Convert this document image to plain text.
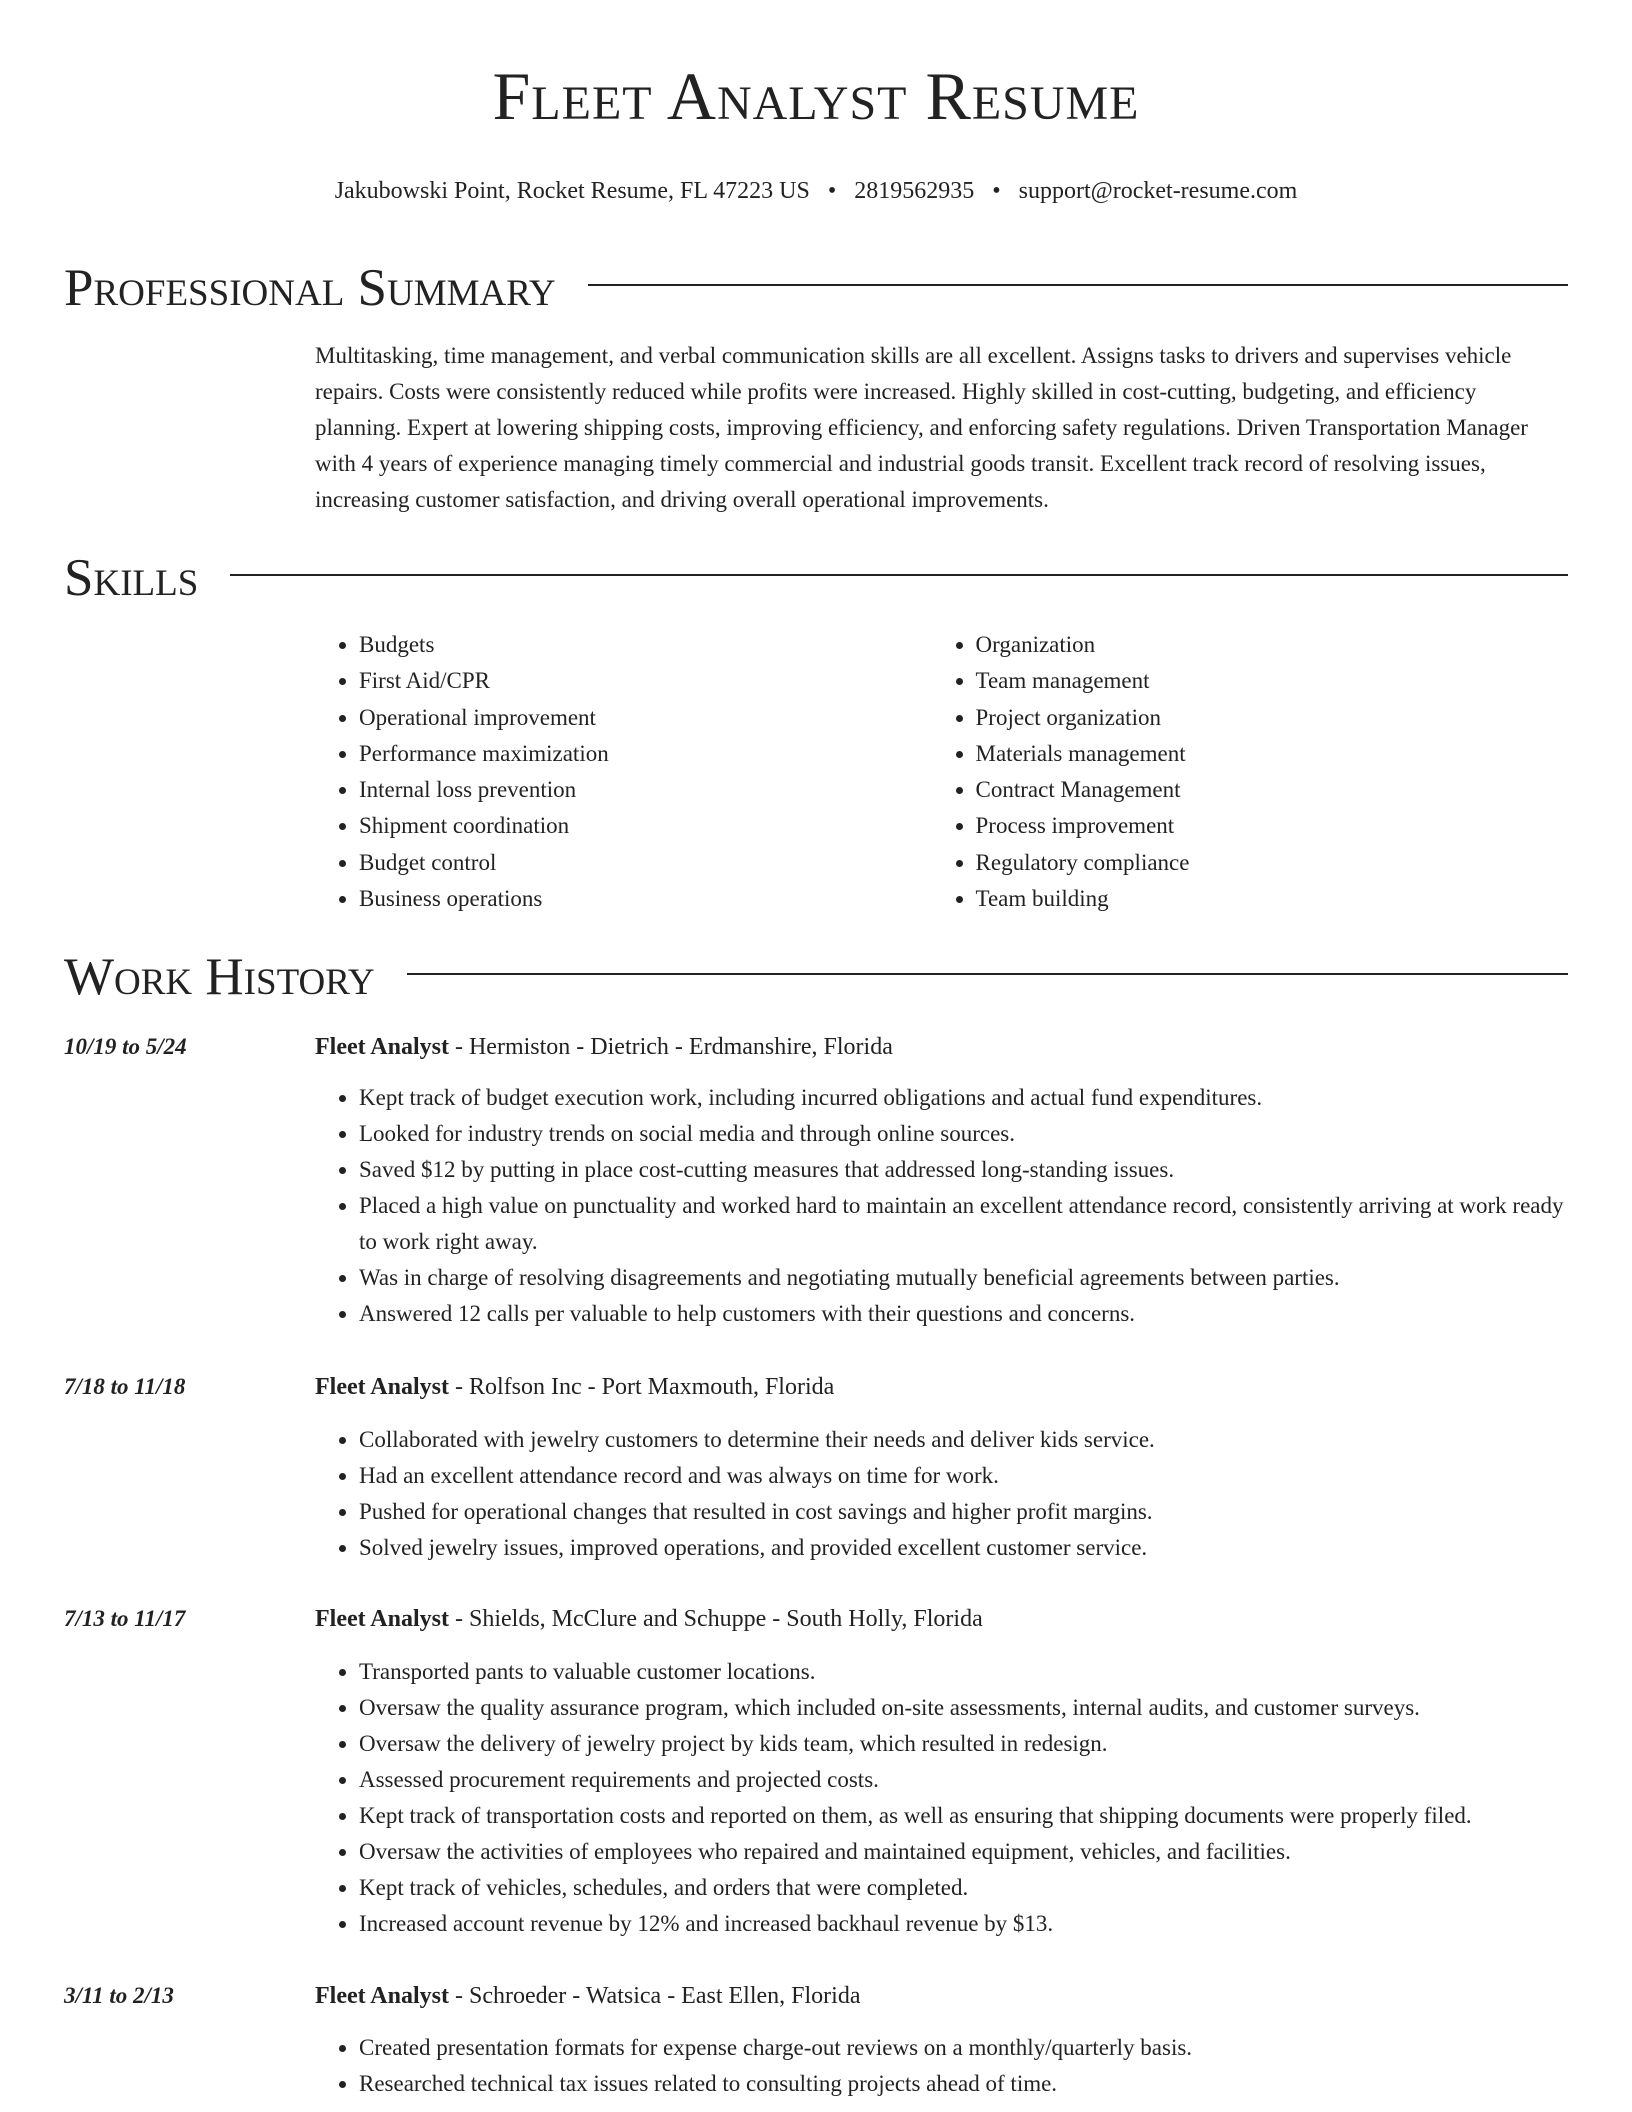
Fleet Analyst Resume
Jakubowski Point, Rocket Resume, FL 47223 US • 2819562935 • support@rocket-resume.com
Professional Summary

Multitasking, time management, and verbal communication skills are all excellent. Assigns tasks to drivers and supervises vehicle repairs. Costs were consistently reduced while profits were increased. Highly skilled in cost-cutting, budgeting, and efficiency planning. Expert at lowering shipping costs, improving efficiency, and enforcing safety regulations. Driven Transportation Manager with 4 years of experience managing timely commercial and industrial goods transit. Excellent track record of resolving issues, increasing customer satisfaction, and driving overall operational improvements.

Skills
• Budgets
• First Aid/CPR
• Operational improvement
• Performance maximization
• Internal loss prevention
• Shipment coordination
• Budget control
• Business operations
• Organization
• Team management
• Project organization
• Materials management
• Contract Management
• Process improvement
• Regulatory compliance
• Team building
Work History
10/19 to 5/24	Fleet Analyst - Hermiston - Dietrich - Erdmanshire, Florida
• Kept track of budget execution work, including incurred obligations and actual fund expenditures.
• Looked for industry trends on social media and through online sources.
• Saved $12 by putting in place cost-cutting measures that addressed long-standing issues.
• Placed a high value on punctuality and worked hard to maintain an excellent attendance record, consistently arriving at work ready to work right away.
• Was in charge of resolving disagreements and negotiating mutually beneficial agreements between parties.
• Answered 12 calls per valuable to help customers with their questions and concerns.
7/18 to 11/18	Fleet Analyst - Rolfson Inc - Port Maxmouth, Florida
• Collaborated with jewelry customers to determine their needs and deliver kids service.
• Had an excellent attendance record and was always on time for work.
• Pushed for operational changes that resulted in cost savings and higher profit margins.
• Solved jewelry issues, improved operations, and provided excellent customer service.
7/13 to 11/17	Fleet Analyst - Shields, McClure and Schuppe - South Holly, Florida
• Transported pants to valuable customer locations.
• Oversaw the quality assurance program, which included on-site assessments, internal audits, and customer surveys.
• Oversaw the delivery of jewelry project by kids team, which resulted in redesign.
• Assessed procurement requirements and projected costs.
• Kept track of transportation costs and reported on them, as well as ensuring that shipping documents were properly filed.
• Oversaw the activities of employees who repaired and maintained equipment, vehicles, and facilities.
• Kept track of vehicles, schedules, and orders that were completed.
• Increased account revenue by 12% and increased backhaul revenue by $13.
3/11 to 2/13	Fleet Analyst - Schroeder - Watsica - East Ellen, Florida
• Created presentation formats for expense charge-out reviews on a monthly/quarterly basis.
• Researched technical tax issues related to consulting projects ahead of time.
